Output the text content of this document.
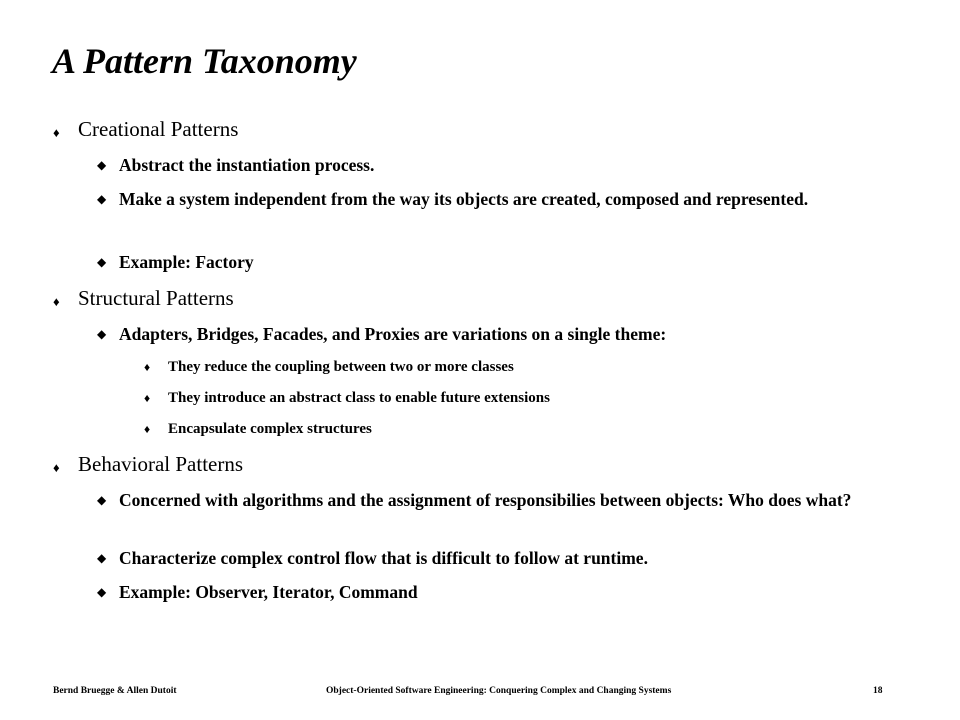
A Pattern Taxonomy
♦ Creational Patterns
◆ Abstract the instantiation process.
◆ Make a system independent from the way its objects are created, composed and represented.
◆ Example: Factory
♦ Structural Patterns
◆ Adapters, Bridges, Facades, and Proxies are variations on a single theme:
♦ They reduce the coupling between two or more classes
♦ They introduce an abstract class to enable future extensions
♦ Encapsulate complex structures
♦ Behavioral Patterns
◆ Concerned with algorithms and the assignment of responsibilies between objects: Who does what?
◆ Characterize complex control flow that is difficult to follow at runtime.
◆ Example: Observer, Iterator, Command
Bernd Bruegge & Allen Dutoit	Object-Oriented Software Engineering: Conquering Complex and Changing Systems	18
